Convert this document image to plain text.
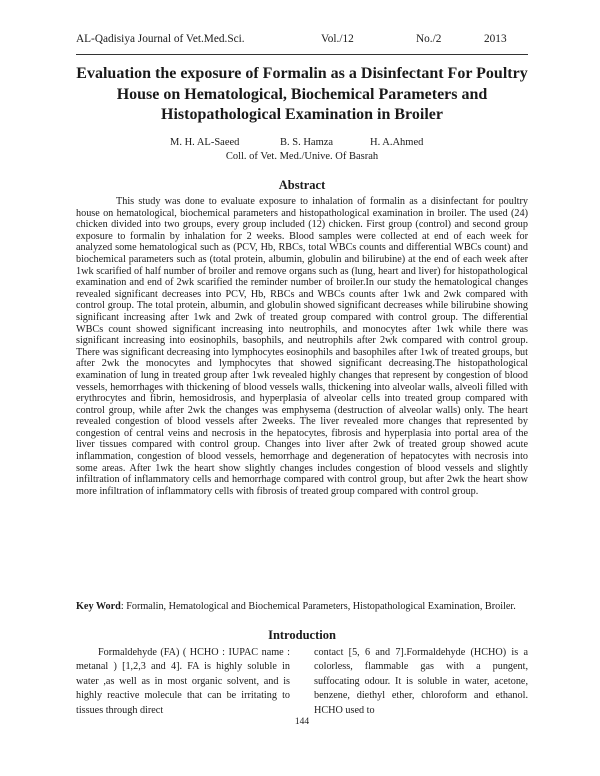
AL-Qadisiya Journal of Vet.Med.Sci.	Vol./12	No./2	2013
Evaluation the exposure of Formalin as a Disinfectant For Poultry House on Hematological, Biochemical Parameters and Histopathological Examination in Broiler
M. H. AL-Saeed	B. S. Hamza	H. A.Ahmed
Coll. of Vet. Med./Unive. Of Basrah
Abstract

This study was done to evaluate exposure to inhalation of formalin as a disinfectant for poultry house on hematological, biochemical parameters and histopathological examination in broiler. The used (24) chicken divided into two groups, every group included (12) chicken. First group (control) and second group exposure to formalin by inhalation for 2 weeks. Blood samples were collected at end of each week for analyzed some hematological such as (PCV, Hb, RBCs, total WBCs counts and differential WBCs count) and biochemical parameters such as (total protein, albumin, globulin and bilirubine) at the end of each week after 1wk scarified of half number of broiler and remove organs such as (lung, heart and liver) for histopathological examination and end of 2wk scarified the reminder number of broiler.In our study the hematological changes revealed significant decreases into PCV, Hb, RBCs and WBCs counts after 1wk and 2wk compared with control group. The total protein, albumin, and globulin showed significant decreases while bilirubine showing significant increasing after 1wk and 2wk of treated group compared with control group. The differential WBCs count showed significant increasing into neutrophils, and monocytes after 1wk while there was significant increasing into eosinophils, basophils, and neutrophils after 2wk compared with control group. There was significant decreasing into lymphocytes eosinophils and basophiles after 1wk of treated groups, but after 2wk the monocytes and lymphocytes that showed significant decreasing.The histopathological examination of lung in treated group after 1wk revealed highly changes that represent by congestion of blood vessels, hemorrhages with thickening of blood vessels walls, thickening into alveolar walls, alveoli filled with erythrocytes and fibrin, hemosidrosis, and hyperplasia of alveolar cells into treated group compared with control group, while after 2wk the changes was emphysema (destruction of alveolar walls) only. The heart revealed congestion of blood vessels after 2weeks. The liver revealed more changes that represented by congestion of central veins and necrosis in the hepatocytes, fibrosis and hyperplasia into portal area of the liver tissues compared with control group. Changes into liver after 2wk of treated group showed acute inflammation, congestion of blood vessels, hemorrhage and degeneration of hepatocytes with necrosis into some areas. After 1wk the heart show slightly changes includes congestion of blood vessels and slightly infiltration of inflammatory cells and hemorrhage compared with control group, but after 2wk the heart show more infiltration of inflammatory cells with fibrosis of treated group compared with control group.

Key Word: Formalin, Hematological and Biochemical Parameters, Histopathological Examination, Broiler.

Introduction

Formaldehyde (FA) ( HCHO : IUPAC name : metanal ) [1,2,3 and 4]. FA is highly soluble in water ,as well as in most organic solvent, and is highly reactive molecule that can be irritating to tissues through direct

contact [5, 6 and 7].Formaldehyde (HCHO) is a colorless, flammable gas with a pungent, suffocating odour. It is soluble in water, acetone, benzene, diethyl ether, chloroform and ethanol. HCHO used to

144
